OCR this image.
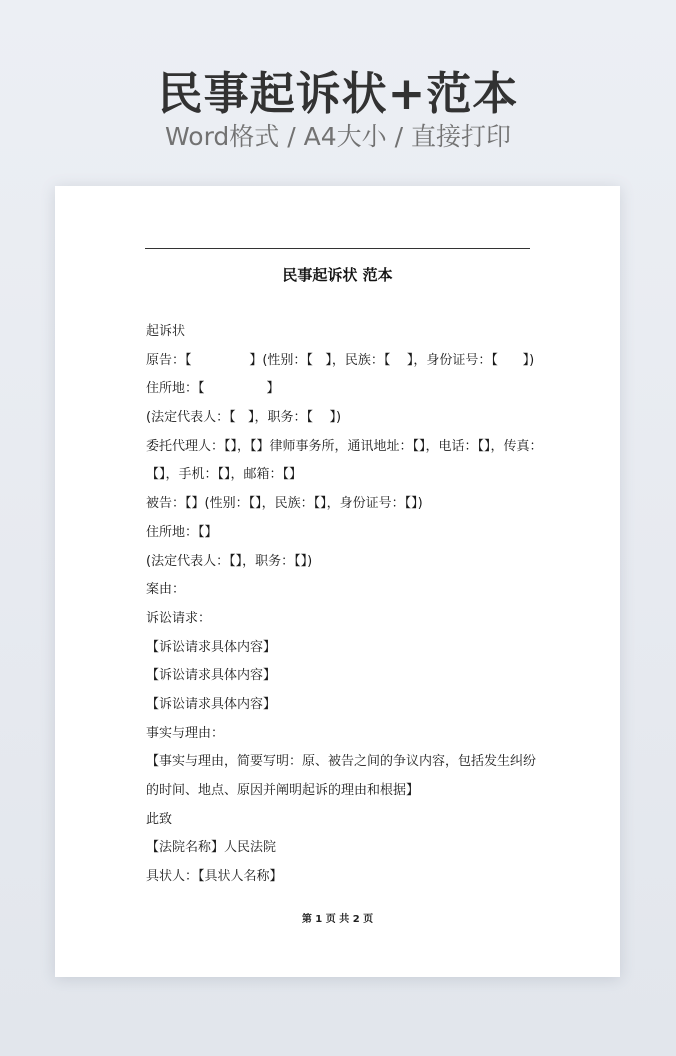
民事起诉状+范本
Word格式 / A4大小 / 直接打印
民事起诉状 范本
起诉状
原告：【              】(性别：【   】，民族：【    】，身份证号：【      】)
住所地：【               】
(法定代表人：【   】，职务：【    】)
委托代理人：【】，【】律师事务所，通讯地址：【】，电话：【】，传真：
【】，手机：【】，邮箱：【】
被告：【】(性别：【】，民族：【】，身份证号：【】)
住所地：【】
(法定代表人：【】，职务：【】)
案由：
诉讼请求：
【诉讼请求具体内容】
【诉讼请求具体内容】
【诉讼请求具体内容】
事实与理由：
【事实与理由，简要写明：原、被告之间的争议内容，包括发生纠纷
的时间、地点、原因并阐明起诉的理由和根据】
此致
【法院名称】人民法院
具状人：【具状人名称】
第 1 页 共 2 页
